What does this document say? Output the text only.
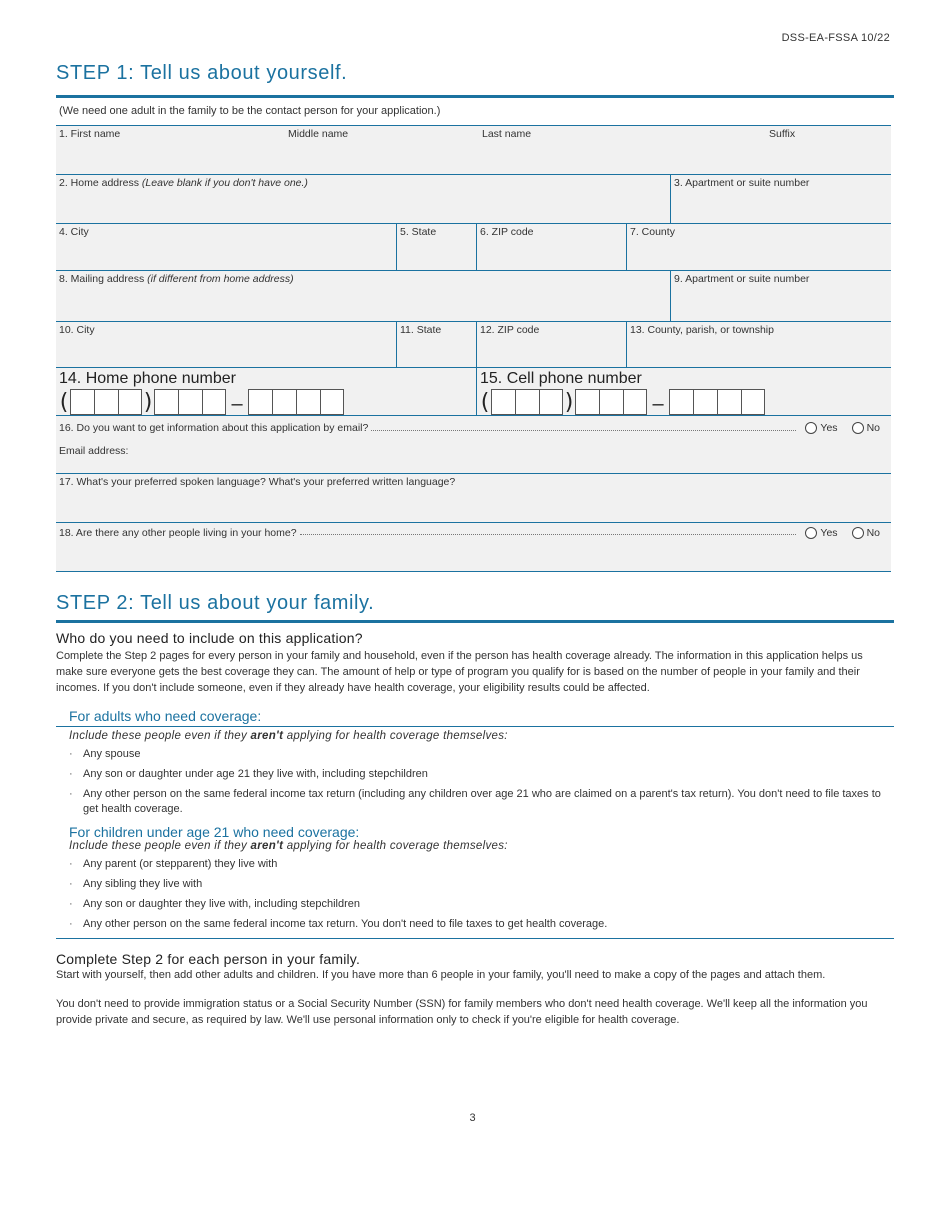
DSS-EA-FSSA 10/22
STEP 1: Tell us about yourself.
(We need one adult in the family to be the contact person for your application.)
1. First name	Middle name	Last name	Suffix
2. Home address (Leave blank if you don't have one.)	3. Apartment or suite number
4. City	5. State	6. ZIP code	7. County
8. Mailing address (if different from home address)	9. Apartment or suite number
10. City	11. State	12. ZIP code	13. County, parish, or township
14. Home phone number
(	)	–
15. Cell phone number
(	)	–
16. Do you want to get information about this application by email?	Yes	No
Email address:
17. What's your preferred spoken language? What's your preferred written language?
18. Are there any other people living in your home?	Yes	No
STEP 2: Tell us about your family.
Who do you need to include on this application?
Complete the Step 2 pages for every person in your family and household, even if the person has health coverage already. The information in this application helps us make sure everyone gets the best coverage they can. The amount of help or type of program you qualify for is based on the number of people in your family and their incomes. If you don't include someone, even if they already have health coverage, your eligibility results could be affected.
For adults who need coverage:
Include these people even if they aren't applying for health coverage themselves:
· Any spouse
· Any son or daughter under age 21 they live with, including stepchildren
· Any other person on the same federal income tax return (including any children over age 21 who are claimed on a parent's tax return). You don't need to file taxes to get health coverage.
For children under age 21 who need coverage:
Include these people even if they aren't applying for health coverage themselves:
· Any parent (or stepparent) they live with
· Any sibling they live with
· Any son or daughter they live with, including stepchildren
· Any other person on the same federal income tax return. You don't need to file taxes to get health coverage.
Complete Step 2 for each person in your family.
Start with yourself, then add other adults and children. If you have more than 6 people in your family, you'll need to make a copy of the pages and attach them.
You don't need to provide immigration status or a Social Security Number (SSN) for family members who don't need health coverage. We'll keep all the information you provide private and secure, as required by law. We'll use personal information only to check if you're eligible for health coverage.
3
